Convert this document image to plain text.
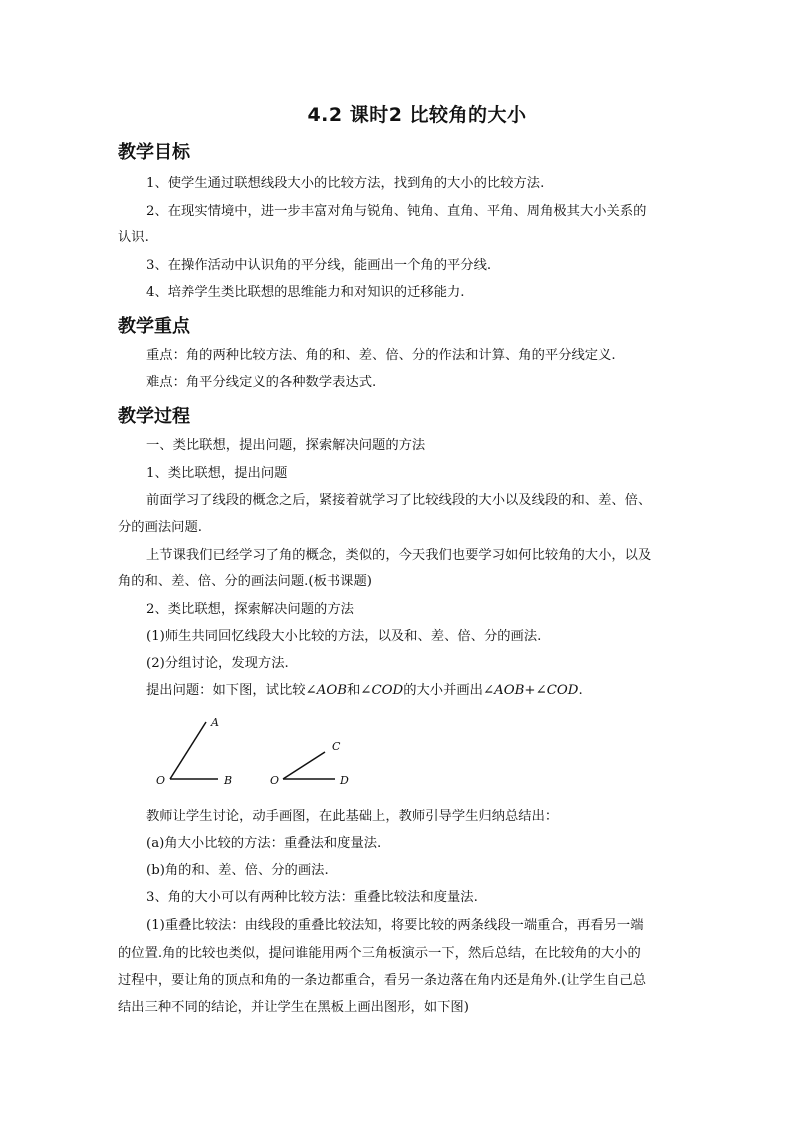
4.2 课时2 比较角的大小
教学目标
1、使学生通过联想线段大小的比较方法，找到角的大小的比较方法.
2、在现实情境中，进一步丰富对角与锐角、钝角、直角、平角、周角极其大小关系的
认识.
3、在操作活动中认识角的平分线，能画出一个角的平分线.
4、培养学生类比联想的思维能力和对知识的迁移能力.
教学重点
重点：角的两种比较方法、角的和、差、倍、分的作法和计算、角的平分线定义.
难点：角平分线定义的各种数学表达式.
教学过程
一、类比联想，提出问题，探索解决问题的方法
1、类比联想，提出问题
前面学习了线段的概念之后，紧接着就学习了比较线段的大小以及线段的和、差、倍、
分的画法问题.
上节课我们已经学习了角的概念，类似的，今天我们也要学习如何比较角的大小，以及
角的和、差、倍、分的画法问题.(板书课题)
2、类比联想，探索解决问题的方法
(1)师生共同回忆线段大小比较的方法，以及和、差、倍、分的画法.
(2)分组讨论，发现方法.
提出问题：如下图，试比较∠AOB和∠COD的大小并画出∠AOB+∠COD.
A
O	B
C
O	D
教师让学生讨论，动手画图，在此基础上，教师引导学生归纳总结出：
(a)角大小比较的方法：重叠法和度量法.
(b)角的和、差、倍、分的画法.
3、角的大小可以有两种比较方法：重叠比较法和度量法.
(1)重叠比较法：由线段的重叠比较法知，将要比较的两条线段一端重合，再看另一端
的位置.角的比较也类似，提问谁能用两个三角板演示一下，然后总结，在比较角的大小的
过程中，要让角的顶点和角的一条边都重合，看另一条边落在角内还是角外.(让学生自己总
结出三种不同的结论，并让学生在黑板上画出图形，如下图)
